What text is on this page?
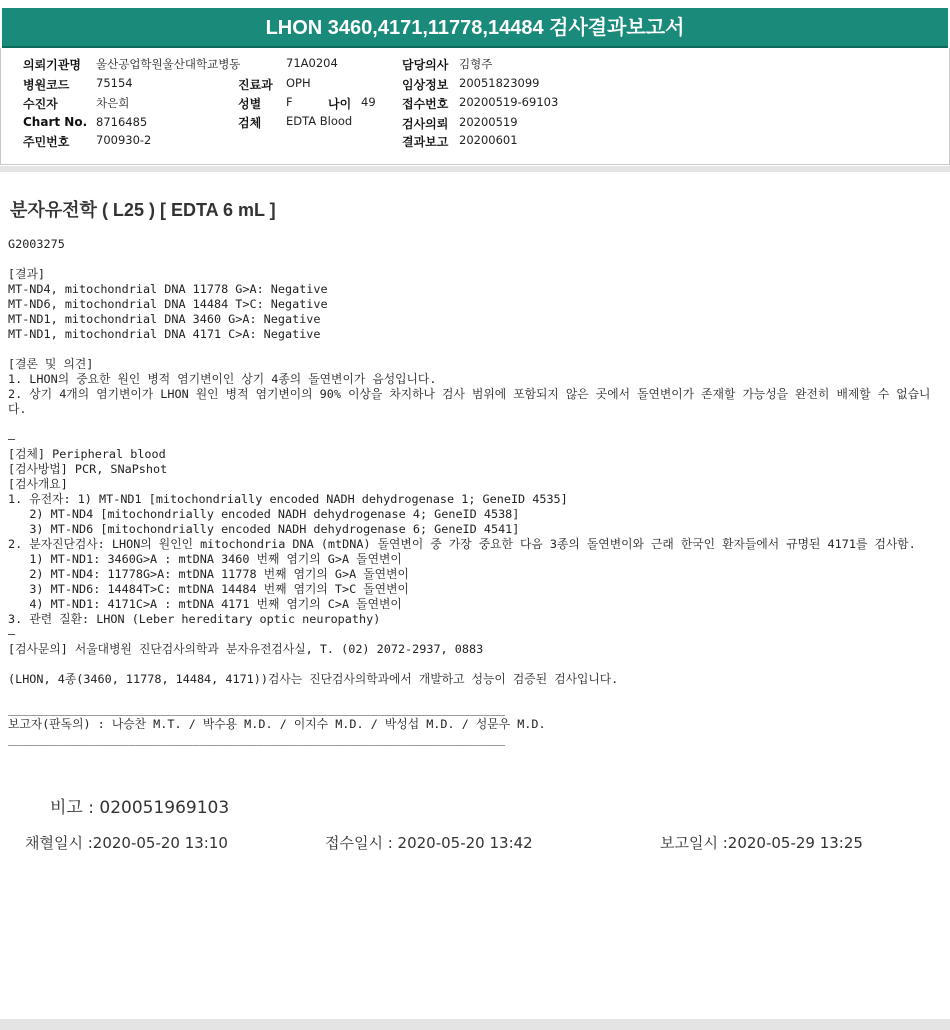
LHON 3460,4171,11778,14484 검사결과보고서
의뢰기관명 울산공업학원울산대학교병동	71A0204	담당의사 김형주
병원코드 75154	진료과 OPH	임상정보 20051823099
수진자	차은희	성별 F	나이 49 접수번호 20200519-69103
Chart No. 8716485	검체 EDTA Blood	검사의뢰 20200519
주민번호 700930-2	결과보고 20200601
분자유전학 ( L25 ) [ EDTA 6 mL ]
G2003275

[결과]
MT-ND4, mitochondrial DNA 11778 G>A: Negative
MT-ND6, mitochondrial DNA 14484 T>C: Negative
MT-ND1, mitochondrial DNA 3460 G>A: Negative
MT-ND1, mitochondrial DNA 4171 C>A: Negative

[결론 및 의견]
1. LHON의 중요한 원인 병적 염기변이인 상기 4종의 돌연변이가 음성입니다.
2. 상기 4개의 염기변이가 LHON 원인 병적 염기변이의 90% 이상을 차지하나 검사 범위에 포함되지 않은 곳에서 돌연변이가 존재할 가능성을 완전히 배제할 수 없습니다.

—
[검체] Peripheral blood
[검사방법] PCR, SNaPshot
[검사개요]
1. 유전자: 1) MT-ND1 [mitochondrially encoded NADH dehydrogenase 1; GeneID 4535]
2) MT-ND4 [mitochondrially encoded NADH dehydrogenase 4; GeneID 4538]
3) MT-ND6 [mitochondrially encoded NADH dehydrogenase 6; GeneID 4541]
2. 분자진단검사: LHON의 원인인 mitochondria DNA (mtDNA) 돌연변이 중 가장 중요한 다음 3종의 돌연변이와 근래 한국인 환자들에서 규명된 4171를 검사함.
1) MT-ND1: 3460G>A : mtDNA 3460 번째 염기의 G>A 돌연변이
2) MT-ND4: 11778G>A: mtDNA 11778 번째 염기의 G>A 돌연변이
3) MT-ND6: 14484T>C: mtDNA 14484 번째 염기의 T>C 돌연변이
4) MT-ND1: 4171C>A : mtDNA 4171 번째 염기의 C>A 돌연변이
3. 관련 질환: LHON (Leber hereditary optic neuropathy)
—
[검사문의] 서울대병원 진단검사의학과 분자유전검사실, T. (02) 2072-2937, 0883

(LHON, 4종(3460, 11778, 14484, 4171))검사는 진단검사의학과에서 개발하고 성능이 검증된 검사입니다.

______________________________________________________________________
보고자(판독의) : 나승찬 M.T. / 박수용 M.D. / 이지수 M.D. / 박성섭 M.D. / 성문우 M.D.
______________________________________________________________________
비고 : 020051969103
채혈일시 :2020-05-20 13:10	접수일시 : 2020-05-20 13:42	보고일시 :2020-05-29 13:25
